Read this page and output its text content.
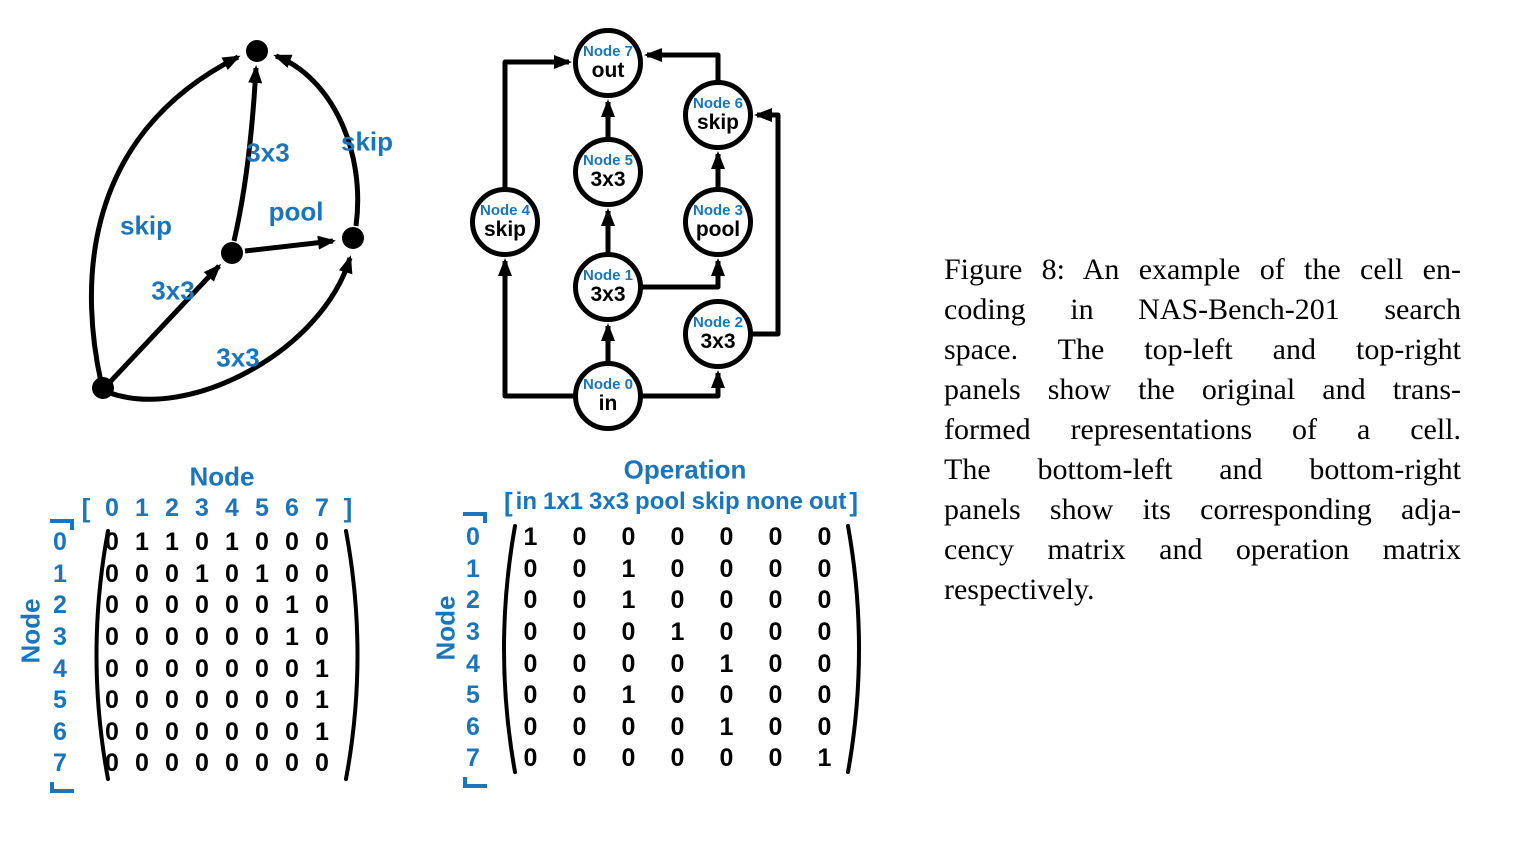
skip
3x3
3x3
3x3
pool
skip
Node 0
in
Node 1
3x3
Node 2
3x3
Node 3
pool
Node 4
skip
Node 5
3x3
Node 6
skip
Node 7
out
Node
[ 0 1 2 3 4 5 6 7 ]
Node
0
1
2
3
4
5
6
7
0 1 1 0 1 0 0 0
0 0 0 1 0 1 0 0
0 0 0 0 0 0 1 0
0 0 0 0 0 0 1 0
0 0 0 0 0 0 0 1
0 0 0 0 0 0 0 1
0 0 0 0 0 0 0 1
0 0 0 0 0 0 0 0
Operation
[ in 1x1 3x3 pool skip none out ]
Node
0
1
2
3
4
5
6
7
1	0	0	0	0	0	0
0	0	1	0	0	0	0
0	0	1	0	0	0	0
0	0	0	1	0	0	0
0	0	0	0	1	0	0
0	0	1	0	0	0	0
0	0	0	0	1	0	0
0	0	0	0	0	0	1
Figure 8: An example of the cell en-
coding in NAS-Bench-201 search
space. The top-left and top-right
panels show the original and trans-
formed representations of a cell.
The bottom-left and bottom-right
panels show its corresponding adja-
cency matrix and operation matrix
respectively.
